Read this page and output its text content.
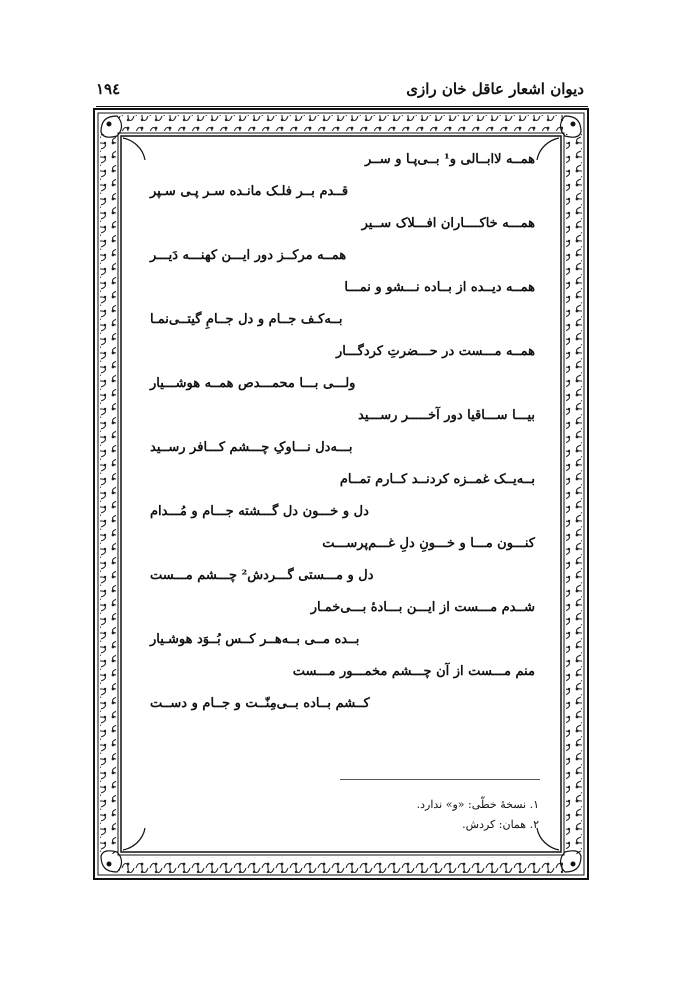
دیوان اشعار عاقل خان رازی
۱۹٤
همــه لاابــالی و¹ بــی‌پـا و ســر
قــدم بــر فلـک مانـده سـر پـی سـپر
همـــه خاکــــاران افـــلاک ســیر
همــه مرکــز دور ایـــن کهنـــه دَیـــر
همــه دیــده از بــاده نـــشو و نمـــا
بــه‌کـف جــام و دل جــامِ گیتــی‌نمـا
همــه مـــست در حـــضرتِ کردگـــار
ولـــی بـــا محمـــدص همــه هوشـــیار
بیـــا ســـاقیا دور آخـــــر رســـید
بـــه‌دل نـــاوکِ چـــشم کـــافر رســید
بــه‌یــک غمــزه کردنــد کــارم تمــام
دل و خـــون دل گـــشته جـــام و مُـــدام
کنـــون مـــا و خـــونِ دلِ غـــم‌پرســـت
دل و مـــستی گـــردش² چـــشم مـــست
شــدم مـــست از ایـــن بـــادهٔ بـــی‌خمـار
بــده مــی بــه‌هــر کــس بُــوَد هوشـیار
منم مـــست از آن چـــشم مخمـــور مـــست
کــشم بــاده بــی‌مِنّــت و جــام و دســت
۱. نسخهٔ خطّی: «و» ندارد.
۲. همان: کردش.
